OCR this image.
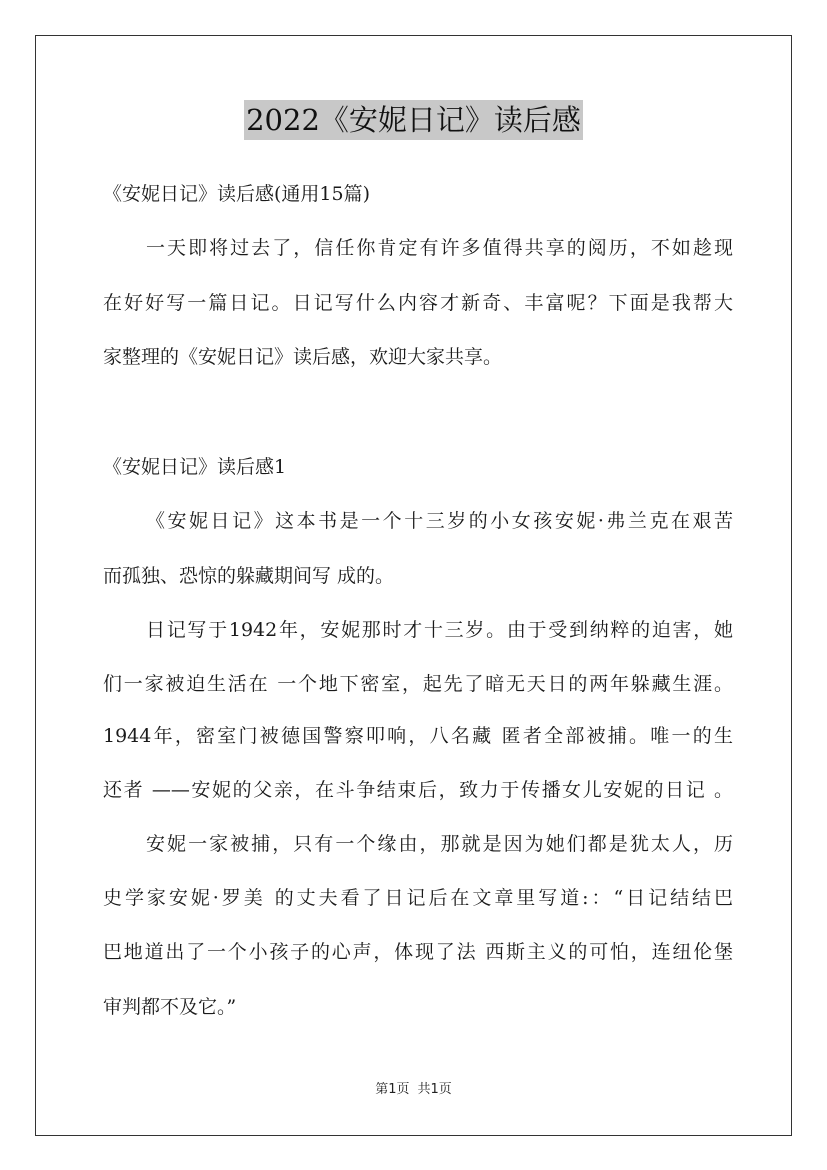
2022《安妮日记》读后感
《安妮日记》读后感(通用15篇)
一天即将过去了，信任你肯定有许多值得共享的阅历，不如趁现
在好好写一篇日记。日记写什么内容才新奇、丰富呢？下面是我帮大
家整理的《安妮日记》读后感，欢迎大家共享。
《安妮日记》读后感1
《安妮日记》这本书是一个十三岁的小女孩安妮·弗兰克在艰苦
而孤独、恐惊的躲藏期间写 成的。
日记写于1942年，安妮那时才十三岁。由于受到纳粹的迫害，她
们一家被迫生活在 一个地下密室，起先了暗无天日的两年躲藏生涯。
1944年，密室门被德国警察叩响，八名藏 匿者全部被捕。唯一的生
还者 ——安妮的父亲，在斗争结束后，致力于传播女儿安妮的日记 。
安妮一家被捕，只有一个缘由，那就是因为她们都是犹太人，历
史学家安妮·罗美 的丈夫看了日记后在文章里写道:：“日记结结巴
巴地道出了一个小孩子的心声，体现了法 西斯主义的可怕，连纽伦堡
审判都不及它。”
第1页 共1页
